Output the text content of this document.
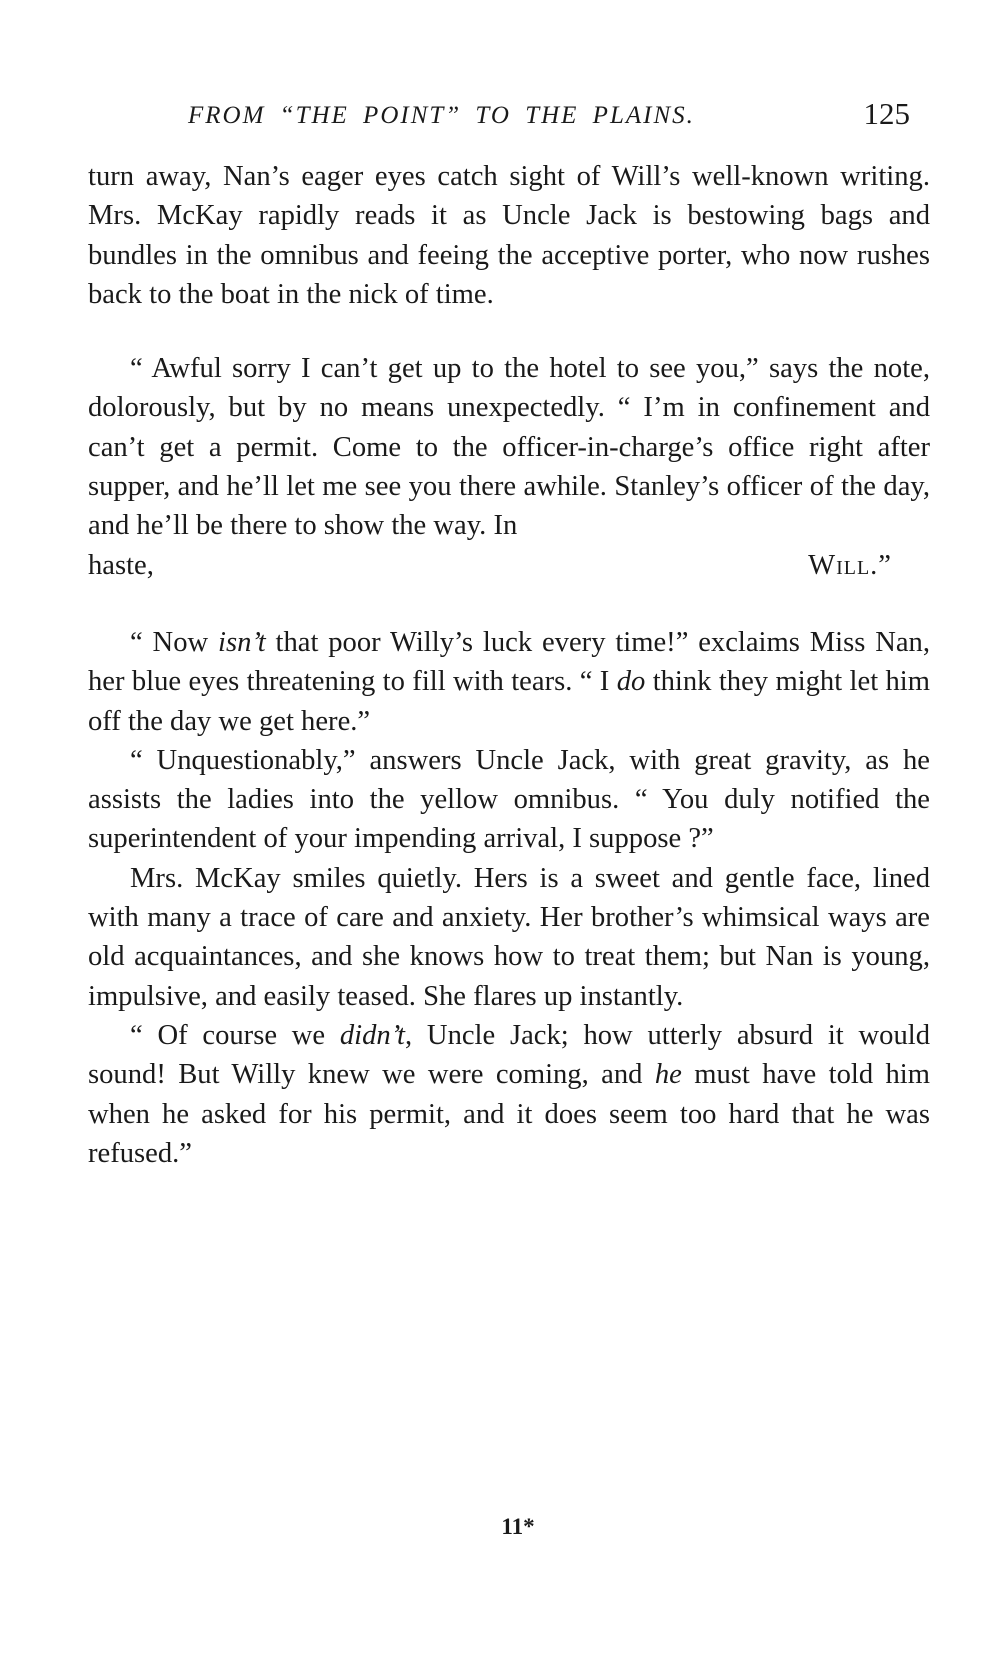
FROM “THE POINT” TO THE PLAINS.	125

turn away, Nan’s eager eyes catch sight of Will’s well-known writing. Mrs. McKay rapidly reads it as Uncle Jack is bestowing bags and bundles in the omnibus and feeing the acceptive porter, who now rushes back to the boat in the nick of time.

“ Awful sorry I can’t get up to the hotel to see you,” says the note, dolorously, but by no means unexpectedly. “ I’m in confinement and can’t get a permit. Come to the officer-in-charge’s office right after supper, and he’ll let me see you there awhile. Stanley’s officer of the day, and he’ll be there to show the way. In

haste,	Will.”

“ Now isn’t that poor Willy’s luck every time!” exclaims Miss Nan, her blue eyes threatening to fill with tears. “ I do think they might let him off the day we get here.”

“ Unquestionably,” answers Uncle Jack, with great gravity, as he assists the ladies into the yellow omnibus. “ You duly notified the superintendent of your impending arrival, I suppose ?”

Mrs. McKay smiles quietly. Hers is a sweet and gentle face, lined with many a trace of care and anxiety. Her brother’s whimsical ways are old acquaintances, and she knows how to treat them; but Nan is young, impulsive, and easily teased. She flares up instantly.

“ Of course we didn’t, Uncle Jack; how utterly absurd it would sound! But Willy knew we were coming, and he must have told him when he asked for his permit, and it does seem too hard that he was refused.”

11*
